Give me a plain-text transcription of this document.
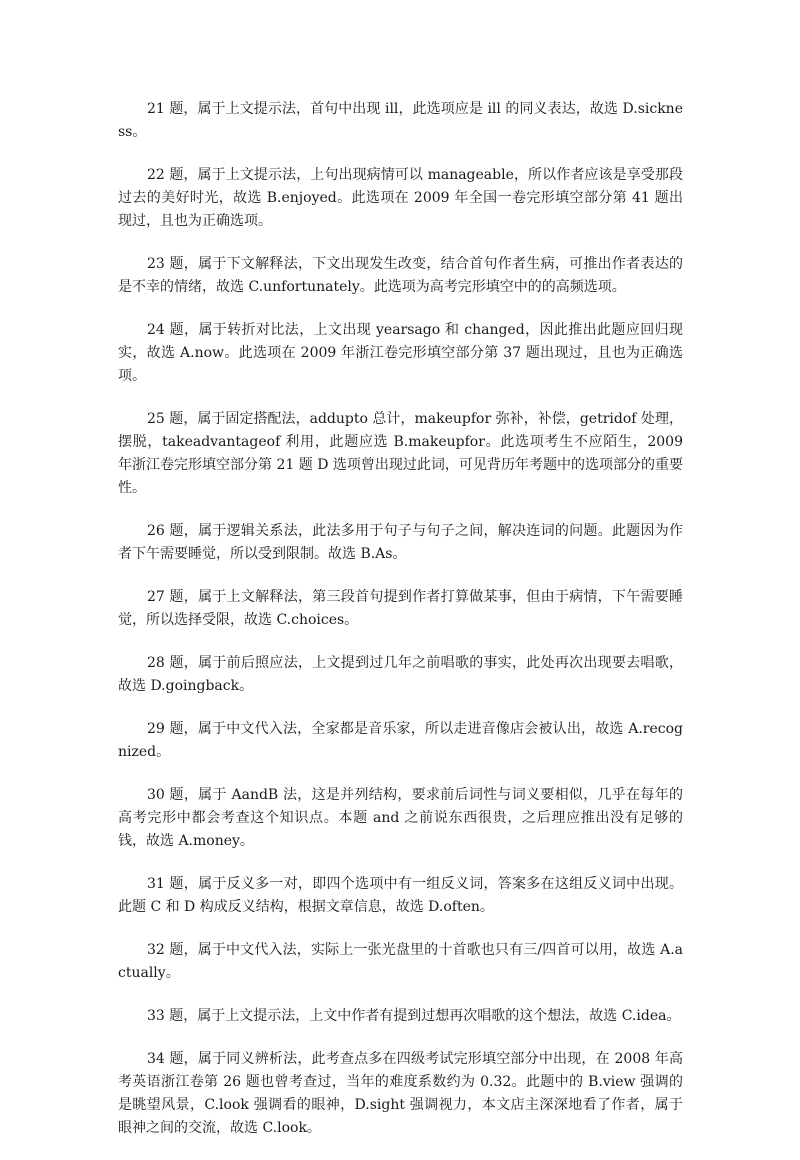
21 题，属于上文提示法，首句中出现 ill，此选项应是 ill 的同义表达，故选 D.sickness。

22 题，属于上文提示法，上句出现病情可以 manageable，所以作者应该是享受那段过去的美好时光，故选 B.enjoyed。此选项在 2009 年全国一卷完形填空部分第 41 题出现过，且也为正确选项。

23 题，属于下文解释法，下文出现发生改变，结合首句作者生病，可推出作者表达的是不幸的情绪，故选 C.unfortunately。此选项为高考完形填空中的的高频选项。

24 题，属于转折对比法，上文出现 yearsago 和 changed，因此推出此题应回归现实，故选 A.now。此选项在 2009 年浙江卷完形填空部分第 37 题出现过，且也为正确选项。

25 题，属于固定搭配法，addupto 总计，makeupfor 弥补，补偿，getridof 处理，摆脱，takeadvantageof 利用，此题应选 B.makeupfor。此选项考生不应陌生，2009 年浙江卷完形填空部分第 21 题 D 选项曾出现过此词，可见背历年考题中的选项部分的重要性。

26 题，属于逻辑关系法，此法多用于句子与句子之间，解决连词的问题。此题因为作者下午需要睡觉，所以受到限制。故选 B.As。

27 题，属于上文解释法，第三段首句提到作者打算做某事，但由于病情，下午需要睡觉，所以选择受限，故选 C.choices。

28 题，属于前后照应法，上文提到过几年之前唱歌的事实，此处再次出现要去唱歌，故选 D.goingback。

29 题，属于中文代入法，全家都是音乐家，所以走进音像店会被认出，故选 A.recognized。

30 题，属于 AandB 法，这是并列结构，要求前后词性与词义要相似，几乎在每年的高考完形中都会考查这个知识点。本题 and 之前说东西很贵，之后理应推出没有足够的钱，故选 A.money。

31 题，属于反义多一对，即四个选项中有一组反义词，答案多在这组反义词中出现。此题 C 和 D 构成反义结构，根据文章信息，故选 D.often。

32 题，属于中文代入法，实际上一张光盘里的十首歌也只有三/四首可以用，故选 A.actually。

33 题，属于上文提示法，上文中作者有提到过想再次唱歌的这个想法，故选 C.idea。

34 题，属于同义辨析法，此考查点多在四级考试完形填空部分中出现，在 2008 年高考英语浙江卷第 26 题也曾考查过，当年的难度系数约为 0.32。此题中的 B.view 强调的是眺望风景，C.look 强调看的眼神，D.sight 强调视力，本文店主深深地看了作者，属于眼神之间的交流，故选 C.look。
